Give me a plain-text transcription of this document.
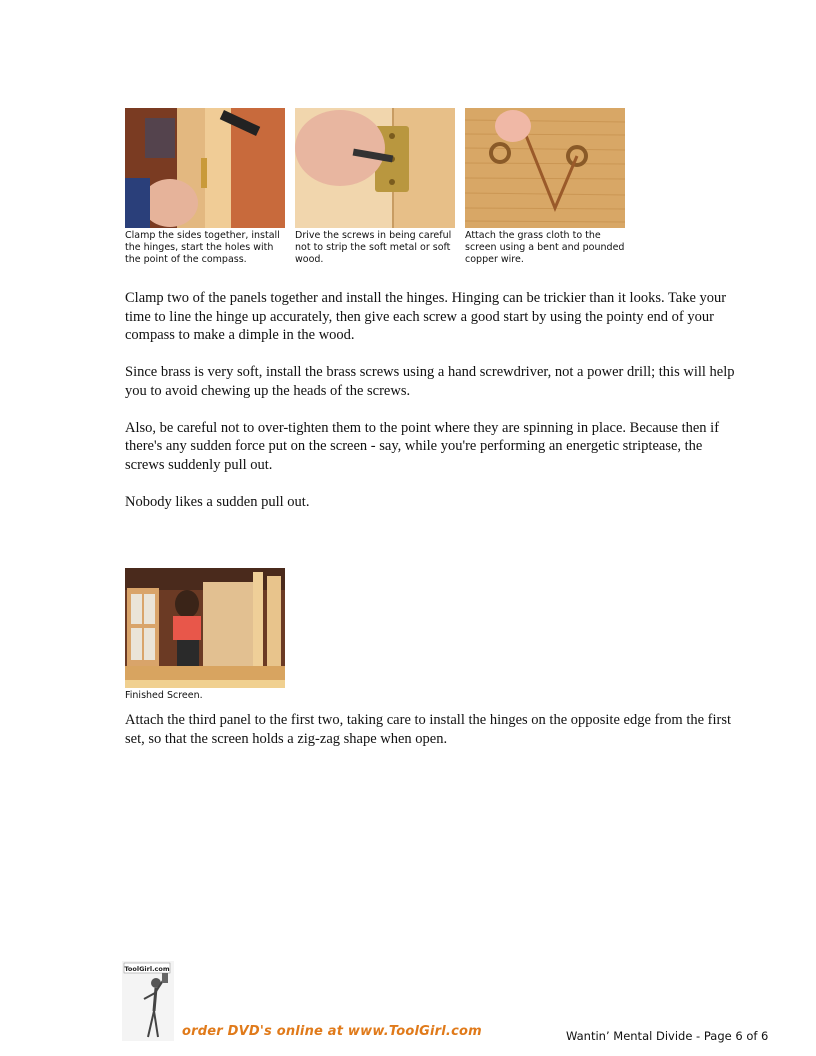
Clamp the sides together, install the hinges, start the holes with the point of the compass.
Drive the screws in being careful not to strip the soft metal or soft wood.
Attach the grass cloth to the screen using a bent and pounded copper wire.

Clamp two of the panels together and install the hinges. Hinging can be trickier than it looks. Take your time to line the hinge up accurately, then give each screw a good start by using the pointy end of your compass to make a dimple in the wood.

Since brass is very soft, install the brass screws using a hand screwdriver, not a power drill; this will help you to avoid chewing up the heads of the screws.

Also, be careful not to over-tighten them to the point where they are spinning in place. Because then if there's any sudden force put on the screen - say, while you're performing an energetic striptease, the screws suddenly pull out.

Nobody likes a sudden pull out.

Finished Screen.

Attach the third panel to the first two, taking care to install the hinges on the opposite edge from the first set, so that the screen holds a zig-zag shape when open.

ToolGirl.com
order DVD's online at www.ToolGirl.com	Wantin’ Mental Divide - Page 6 of 6
